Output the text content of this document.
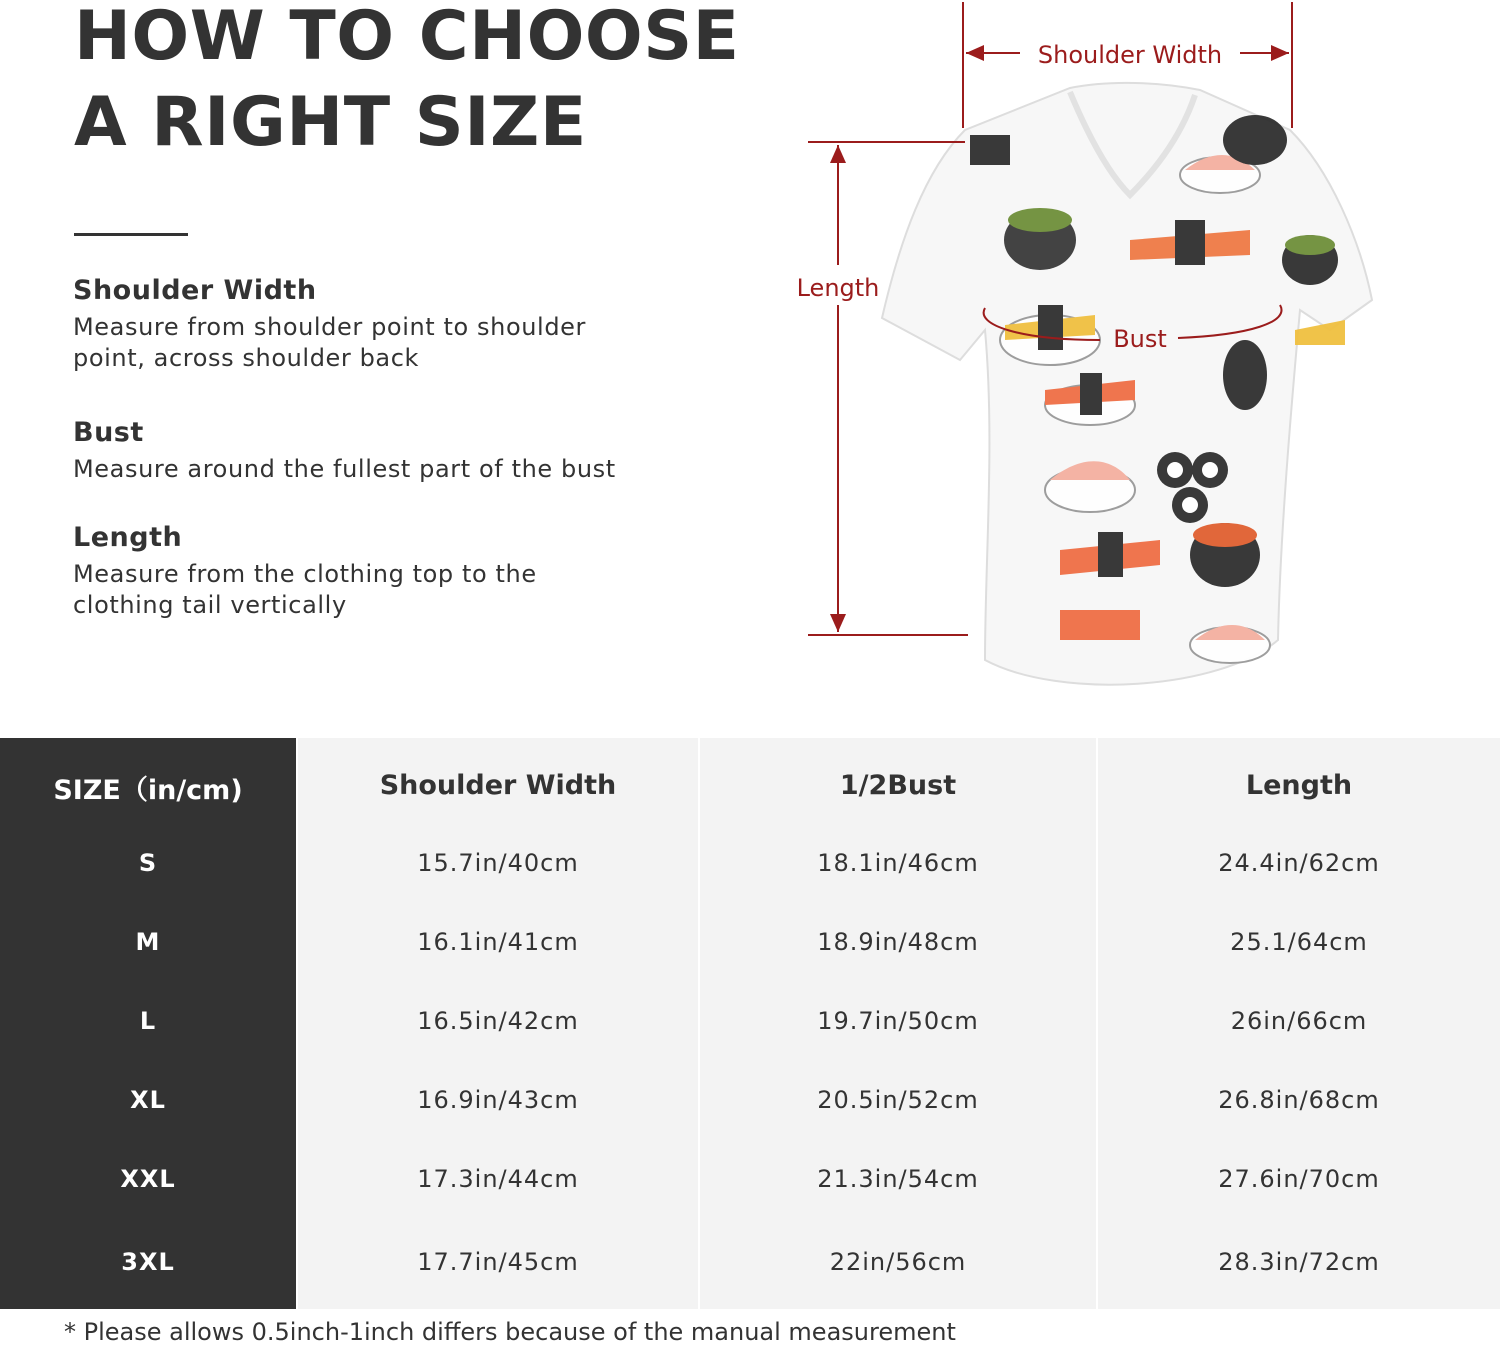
HOW TO CHOOSE
A RIGHT SIZE
Shoulder Width

Measure from shoulder point to shoulder
point, across shoulder back

Bust

Measure around the fullest part of the bust

Length

Measure from the clothing top to the
clothing tail vertically

Shoulder Width
Length
Bust
SIZE（in/cm)
S
M
L
XL
XXL
3XL
Shoulder Width
15.7in/40cm
16.1in/41cm
16.5in/42cm
16.9in/43cm
17.3in/44cm
17.7in/45cm
1/2Bust
18.1in/46cm
18.9in/48cm
19.7in/50cm
20.5in/52cm
21.3in/54cm
22in/56cm
Length
24.4in/62cm
25.1/64cm
26in/66cm
26.8in/68cm
27.6in/70cm
28.3in/72cm

* Please allows 0.5inch-1inch differs because of the manual measurement
